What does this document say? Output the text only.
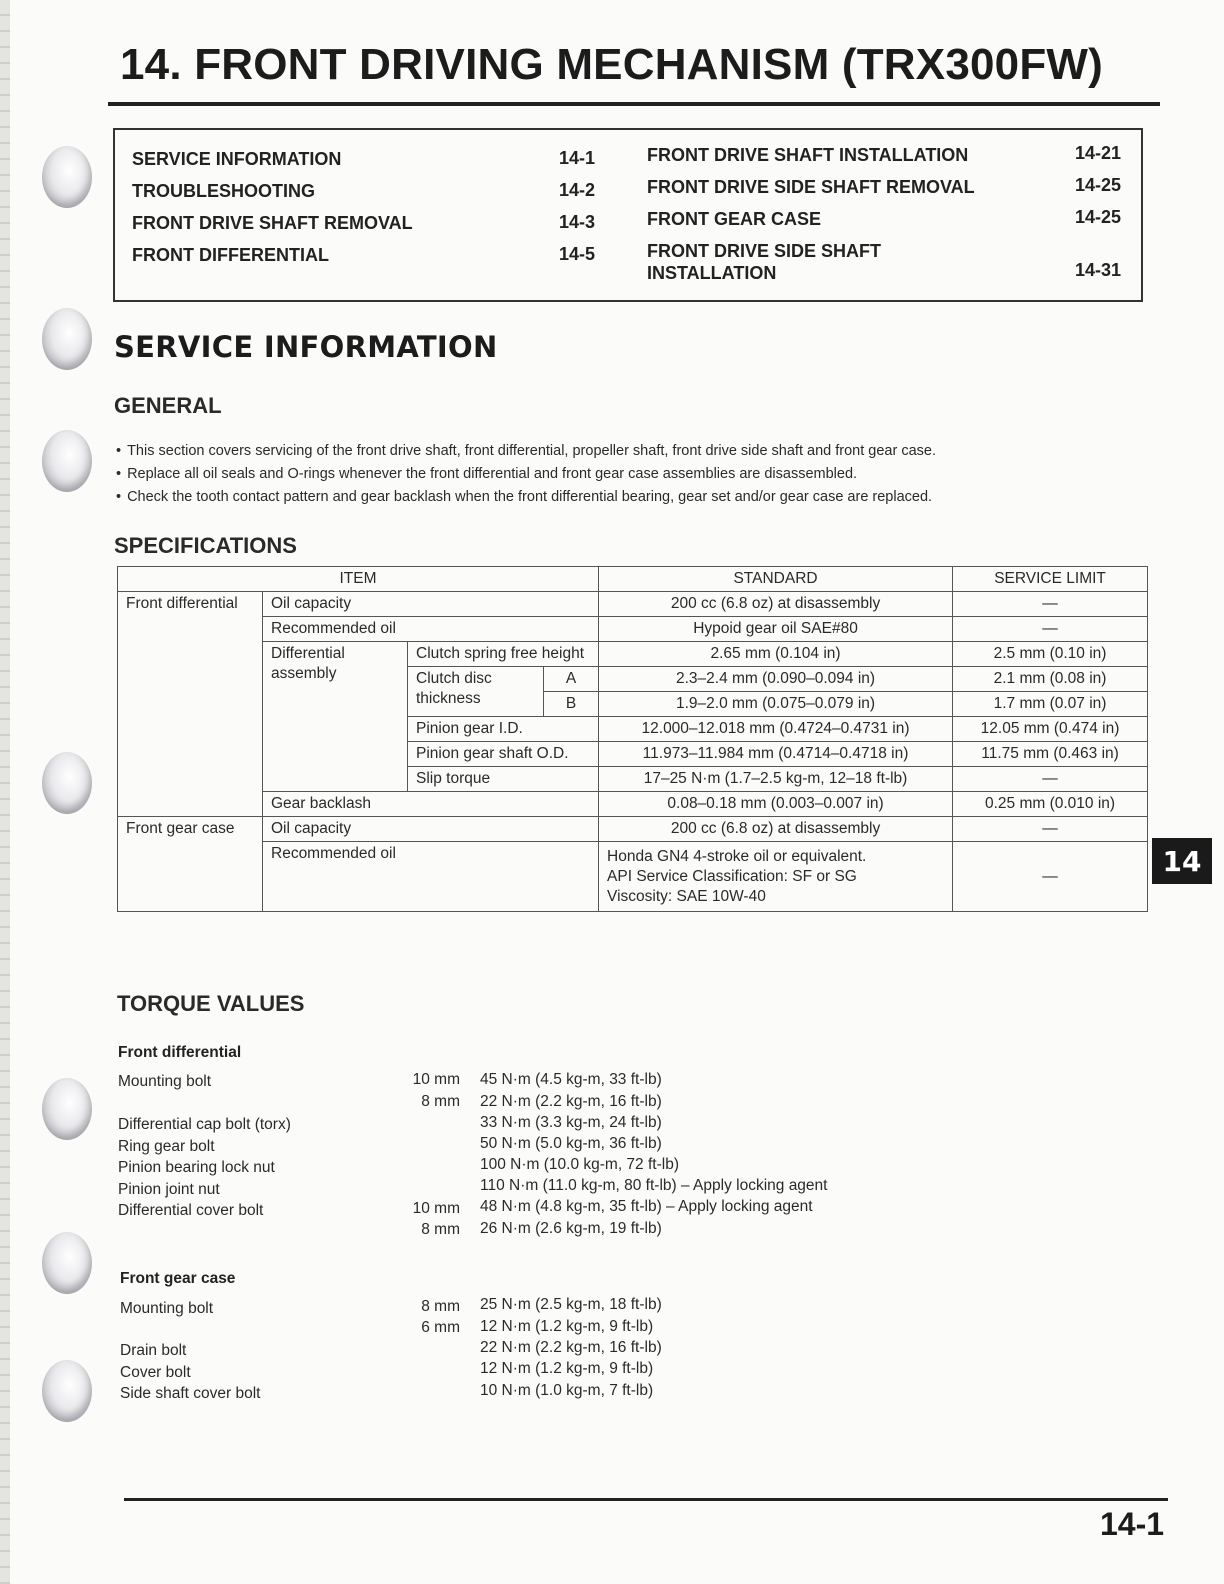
14. FRONT DRIVING MECHANISM (TRX300FW)
SERVICE INFORMATION	14-1
TROUBLESHOOTING	14-2
FRONT DRIVE SHAFT REMOVAL	14-3
FRONT DIFFERENTIAL	14-5
FRONT DRIVE SHAFT INSTALLATION	14-21
FRONT DRIVE SIDE SHAFT REMOVAL	14-25
FRONT GEAR CASE	14-25
FRONT DRIVE SIDE SHAFT
INSTALLATION	14-31
SERVICE INFORMATION
GENERAL
• This section covers servicing of the front drive shaft, front differential, propeller shaft, front drive side shaft and front gear case.
• Replace all oil seals and O-rings whenever the front differential and front gear case assemblies are disassembled.
• Check the tooth contact pattern and gear backlash when the front differential bearing, gear set and/or gear case are replaced.
SPECIFICATIONS
ITEM				STANDARD	SERVICE LIMIT
Front differential	Oil capacity			200 cc (6.8 oz) at disassembly	—
	Recommended oil			Hypoid gear oil SAE#80	—
	Differential assembly	Clutch spring free height		2.65 mm (0.104 in)	2.5 mm (0.10 in)
		Clutch disc thickness	A	2.3–2.4 mm (0.090–0.094 in)	2.1 mm (0.08 in)
			B	1.9–2.0 mm (0.075–0.079 in)	1.7 mm (0.07 in)
		Pinion gear I.D.		12.000–12.018 mm (0.4724–0.4731 in)	12.05 mm (0.474 in)
		Pinion gear shaft O.D.		11.973–11.984 mm (0.4714–0.4718 in)	11.75 mm (0.463 in)
		Slip torque		17–25 N·m (1.7–2.5 kg-m, 12–18 ft-lb)	—

	Gear backlash			0.08–0.18 mm (0.003–0.007 in)	0.25 mm (0.010 in)
Front gear case	Oil capacity			200 cc (6.8 oz) at disassembly	—
	Recommended oil			Honda GN4 4-stroke oil or equivalent.
API Service Classification: SF or SG
Viscosity: SAE 10W-40	—
TORQUE VALUES
Front differential
Mounting bolt	10 mm 45 N·m (4.5 kg-m, 33 ft-lb)
8 mm 22 N·m (2.2 kg-m, 16 ft-lb)
Differential cap bolt (torx)	33 N·m (3.3 kg-m, 24 ft-lb)
Ring gear bolt	50 N·m (5.0 kg-m, 36 ft-lb)
Pinion bearing lock nut	100 N·m (10.0 kg-m, 72 ft-lb)
Pinion joint nut	110 N·m (11.0 kg-m, 80 ft-lb) – Apply locking agent
Differential cover bolt	10 mm 48 N·m (4.8 kg-m, 35 ft-lb) – Apply locking agent
8 mm 26 N·m (2.6 kg-m, 19 ft-lb)
Front gear case
Mounting bolt	8 mm 25 N·m (2.5 kg-m, 18 ft-lb)
6 mm 12 N·m (1.2 kg-m, 9 ft-lb)
Drain bolt	22 N·m (2.2 kg-m, 16 ft-lb)
Cover bolt	12 N·m (1.2 kg-m, 9 ft-lb)
Side shaft cover bolt	10 N·m (1.0 kg-m, 7 ft-lb)
14
14-1
